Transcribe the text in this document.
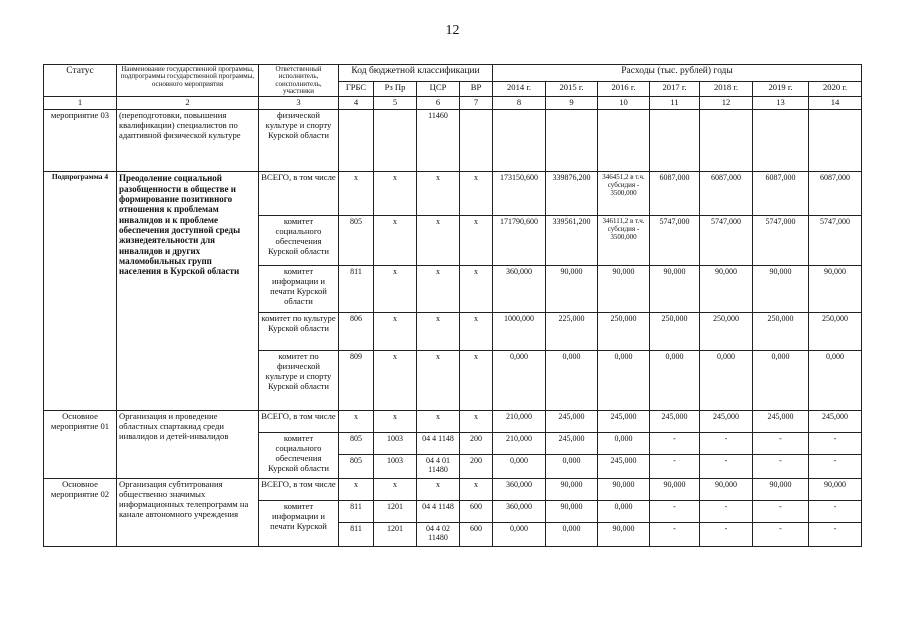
12
Статус	Наименование государственной программы, подпрограммы государственной программы, основного мероприятия	Ответственный исполнитель, соисполнитель, участники	Код бюджетной классификации				Расходы (тыс. рублей) годы						
			ГРБС	Рз Пр	ЦСР	ВР	2014 г.	2015 г.	2016 г.	2017 г.	2018 г.	2019 г.	2020 г.
1	2	3	4	5	6	7	8	9	10	11	12	13	14
мероприятие 03	(переподготовки, повышения квалификации) специалистов по адаптивной физической культуре	физической культуре и спорту Курской области			11460								
Подпрограмма 4	Преодоление социальной разобщенности в обществе и формирование позитивного отношения к проблемам инвалидов и к проблеме обеспечения доступной среды жизнедеятельности для инвалидов и других маломобильных групп населения в Курской области	ВСЕГО, в том числе	x	x	x	x	173150,600	339876,200	346451,2 в т.ч. субсидия - 3500,000	6087,000	6087,000	6087,000	6087,000
		комитет социального обеспечения Курской области	805	x	x	x	171790,600	339561,200	346111,2 в т.ч. субсидия - 3500,000	5747,000	5747,000	5747,000	5747,000
		комитет информации и печати Курской области	811	x	x	x	360,000	90,000	90,000	90,000	90,000	90,000	90,000
		комитет по культуре Курской области	806	x	x	x	1000,000	225,000	250,000	250,000	250,000	250,000	250,000
		комитет по физической культуре и спорту Курской области	809	x	x	x	0,000	0,000	0,000	0,000	0,000	0,000	0,000
Основное мероприятие 01	Организация и проведение областных спартакиад среди инвалидов и детей-инвалидов	ВСЕГО, в том числе	x	x	x	x	210,000	245,000	245,000	245,000	245,000	245,000	245,000
		комитет социального обеспечения Курской области	805	1003	04 4 1148	200	210,000	245,000	0,000	-	-	-	-
			805	1003	04 4 01 11480	200	0,000	0,000	245,000	-	-	-	-
Основное мероприятие 02	Организация субтитрования общественно значимых информационных телепрограмм на канале автономного учреждения	ВСЕГО, в том числе	x	x	x	x	360,000	90,000	90,000	90,000	90,000	90,000	90,000
		комитет информации и печати Курской	811	1201	04 4 1148	600	360,000	90,000	0,000	-	-	-	-
			811	1201	04 4 02 11480	600	0,000	0,000	90,000	-	-	-	-
